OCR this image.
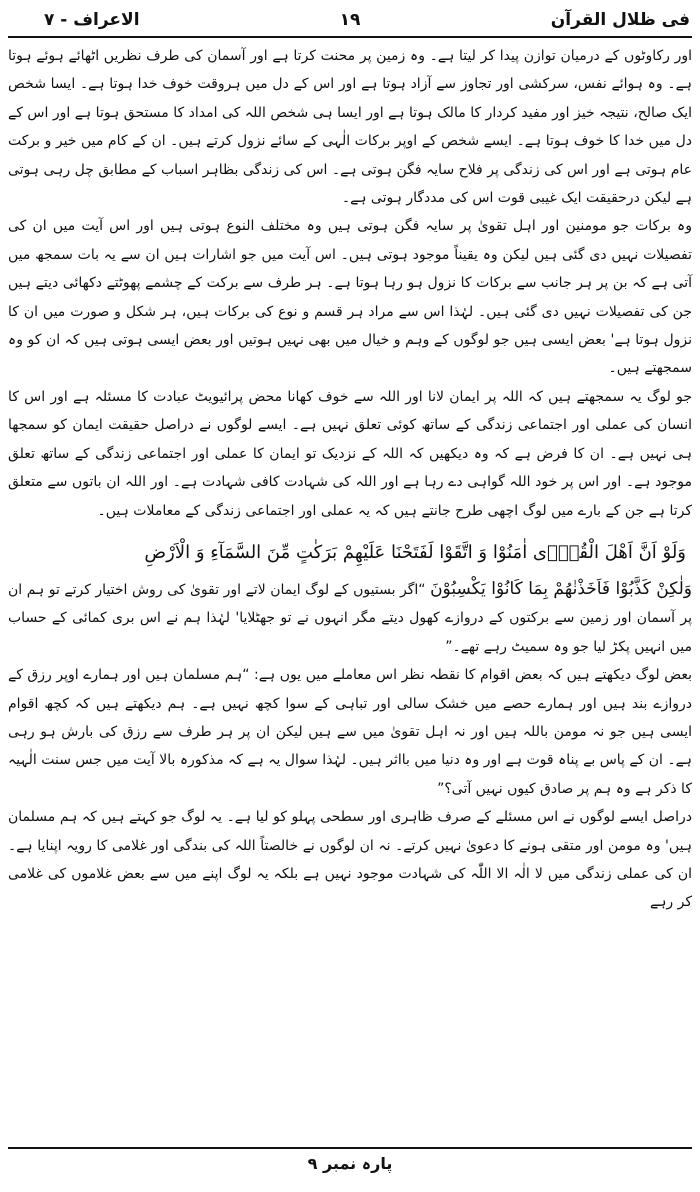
فی ظلال القرآن
۱۹
الاعراف - ۷

اور رکاوٹوں کے درمیان توازن پیدا کر لیتا ہے۔ وہ زمین پر محنت کرتا ہے اور آسمان کی طرف نظریں اٹھائے ہوئے ہوتا ہے۔ وہ ہوائے نفس، سرکشی اور تجاوز سے آزاد ہوتا ہے اور اس کے دل میں ہروقت خوف خدا ہوتا ہے۔ ایسا شخص ایک صالح، نتیجہ خیز اور مفید کردار کا مالک ہوتا ہے اور ایسا ہی شخص اللہ کی امداد کا مستحق ہوتا ہے اور اس کے دل میں خدا کا خوف ہوتا ہے۔ ایسے شخص کے اوپر برکات الٰہی کے سائے نزول کرتے ہیں۔ ان کے کام میں خیر و برکت عام ہوتی ہے اور اس کی زندگی پر فلاح سایہ فگن ہوتی ہے۔ اس کی زندگی بظاہر اسباب کے مطابق چل رہی ہوتی ہے لیکن درحقیقت ایک غیبی قوت اس کی مددگار ہوتی ہے۔

وہ برکات جو مومنین اور اہل تقویٰ پر سایہ فگن ہوتی ہیں وہ مختلف النوع ہوتی ہیں اور اس آیت میں ان کی تفصیلات نہیں دی گئی ہیں لیکن وہ یقیناً موجود ہوتی ہیں۔ اس آیت میں جو اشارات ہیں ان سے یہ بات سمجھ میں آتی ہے کہ بن پر ہر جانب سے برکات کا نزول ہو رہا ہوتا ہے۔ ہر طرف سے برکت کے چشمے پھوٹتے دکھائی دیتے ہیں جن کی تفصیلات نہیں دی گئی ہیں۔ لہٰذا اس سے مراد ہر قسم و نوع کی برکات ہیں، ہر شکل و صورت میں ان کا نزول ہوتا ہے' بعض ایسی ہیں جو لوگوں کے وہم و خیال میں بھی نہیں ہوتیں اور بعض ایسی ہوتی ہیں کہ ان کو وہ سمجھتے ہیں۔

جو لوگ یہ سمجھتے ہیں کہ اللہ پر ایمان لانا اور اللہ سے خوف کھانا محض پرائیویٹ عبادت کا مسئلہ ہے اور اس کا انسان کی عملی اور اجتماعی زندگی کے ساتھ کوئی تعلق نہیں ہے۔ ایسے لوگوں نے دراصل حقیقت ایمان کو سمجھا ہی نہیں ہے۔ ان کا فرض ہے کہ وہ دیکھیں کہ اللہ کے نزدیک تو ایمان کا عملی اور اجتماعی زندگی کے ساتھ تعلق موجود ہے۔ اور اس پر خود اللہ گواہی دے رہا ہے اور اللہ کی شہادت کافی شہادت ہے۔ اور اللہ ان باتوں سے متعلق کرتا ہے جن کے بارے میں لوگ اچھی طرح جانتے ہیں کہ یہ عملی اور اجتماعی زندگی کے معاملات ہیں۔

وَلَوْ اَنَّ اَهْلَ الْقُرٰۤى اٰمَنُوْا وَ اتَّقَوْا لَفَتَحْنَا عَلَيْهِمْ بَرَكٰتٍ مِّنَ السَّمَآءِ وَ الْاَرْضِ

وَلٰكِنْ كَذَّبُوْا فَاَخَذْنٰهُمْ بِمَا كَانُوْا يَكْسِبُوْنَ “اگر بستیوں کے لوگ ایمان لاتے اور تقویٰ کی روش اختیار کرتے تو ہم ان پر آسمان اور زمین سے برکتوں کے دروازے کھول دیتے مگر انہوں نے تو جھٹلایا' لہٰذا ہم نے اس بری کمائی کے حساب میں انہیں پکڑ لیا جو وہ سمیٹ رہے تھے۔”

بعض لوگ دیکھتے ہیں کہ بعض اقوام کا نقطہ نظر اس معاملے میں یوں ہے: “ہم مسلمان ہیں اور ہمارے اوپر رزق کے دروازے بند ہیں اور ہمارے حصے میں خشک سالی اور تباہی کے سوا کچھ نہیں ہے۔ ہم دیکھتے ہیں کہ کچھ اقوام ایسی ہیں جو نہ مومن باللہ ہیں اور نہ اہل تقویٰ میں سے ہیں لیکن ان پر ہر طرف سے رزق کی بارش ہو رہی ہے۔ ان کے پاس بے پناہ قوت ہے اور وہ دنیا میں بااثر ہیں۔ لہٰذا سوال یہ ہے کہ مذکورہ بالا آیت میں جس سنت الٰہیہ کا ذکر ہے وہ ہم پر صادق کیوں نہیں آتی؟”

دراصل ایسے لوگوں نے اس مسئلے کے صرف ظاہری اور سطحی پہلو کو لیا ہے۔ یہ لوگ جو کہتے ہیں کہ ہم مسلمان ہیں' وہ مومن اور متقی ہونے کا دعویٰ نہیں کرتے۔ نہ ان لوگوں نے خالصتاً اللہ کی بندگی اور غلامی کا رویہ اپنایا ہے۔ ان کی عملی زندگی میں لا الٰہ الا اللّٰہ کی شہادت موجود نہیں ہے بلکہ یہ لوگ اپنے میں سے بعض غلاموں کی غلامی کر رہے

پارہ نمبر ۹
